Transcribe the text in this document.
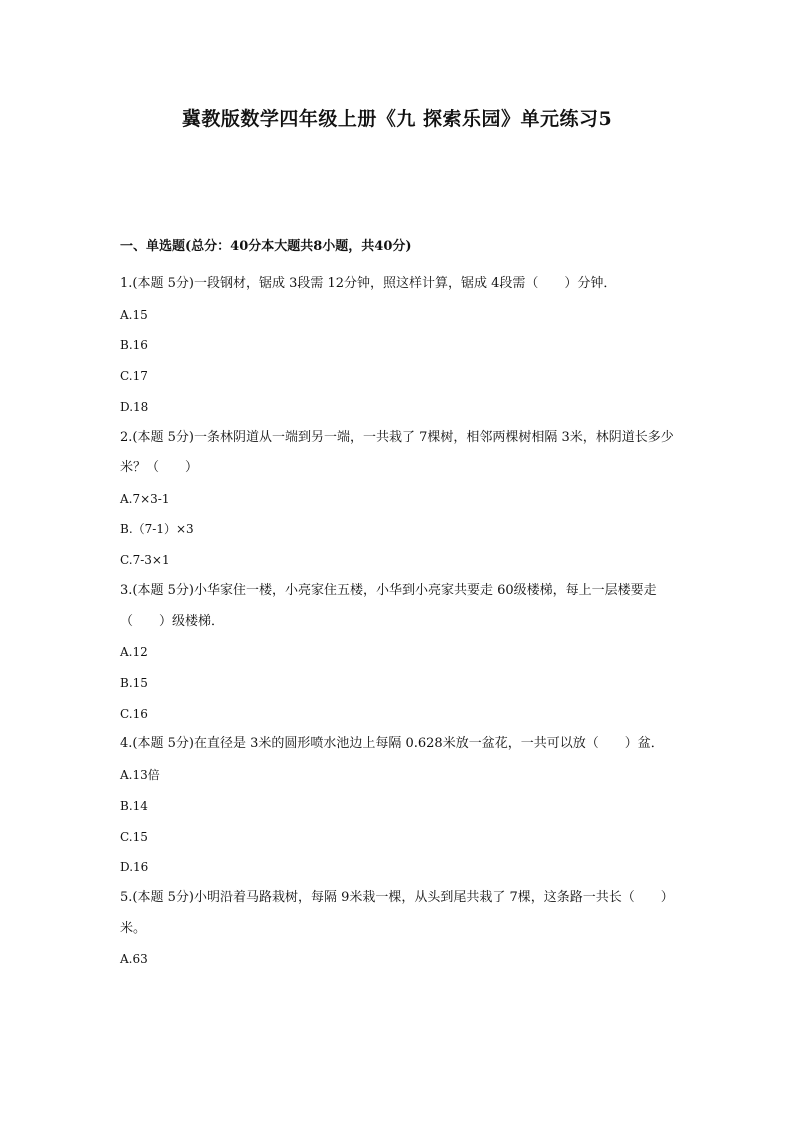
冀教版数学四年级上册《九 探索乐园》单元练习5

一、单选题(总分：40分本大题共8小题，共40分)

1.(本题 5分)一段钢材，锯成 3段需 12分钟，照这样计算，锯成 4段需（　　）分钟．

A.15

B.16

C.17

D.18

2.(本题 5分)一条林阴道从一端到另一端，一共栽了 7棵树，相邻两棵树相隔 3米，林阴道长多少米？（　　）

A.7×3-1

B.（7-1）×3

C.7-3×1

3.(本题 5分)小华家住一楼，小亮家住五楼，小华到小亮家共要走 60级楼梯，每上一层楼要走（　　）级楼梯．

A.12

B.15

C.16

4.(本题 5分)在直径是 3米的圆形喷水池边上每隔 0.628米放一盆花，一共可以放（　　）盆．

A.13倍

B.14

C.15

D.16

5.(本题 5分)小明沿着马路栽树，每隔 9米栽一棵，从头到尾共栽了 7棵，这条路一共长（　　）米。

A.63
